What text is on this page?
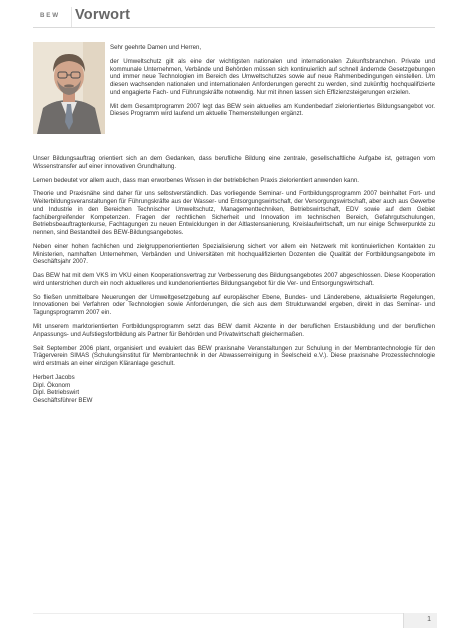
BEW Vorwort

Sehr geehrte Damen und Herren,

der Umweltschutz gilt als eine der wichtigsten nationalen und internationalen Zukunftsbranchen. Private und kommunale Unternehmen, Verbände und Behörden müssen sich kontinuierlich auf schnell ändernde Gesetzgebungen und immer neue Technologien im Bereich des Umweltschutzes sowie auf neue Rahmenbedingungen einstellen. Um diesen wachsenden nationalen und internationalen Anforderungen gerecht zu werden, sind zukünftig hochqualifizierte und engagierte Fach- und Führungskräfte notwendig. Nur mit ihnen lassen sich Effizienzsteigerungen erzielen.

Mit dem Gesamtprogramm 2007 legt das BEW sein aktuelles am Kundenbedarf zielorientiertes Bildungsangebot vor. Dieses Programm wird laufend um aktuelle Themenstellungen ergänzt.

Unser Bildungsauftrag orientiert sich an dem Gedanken, dass berufliche Bildung eine zentrale, gesellschaftliche Aufgabe ist, getragen vom Wissenstransfer auf einer innovativen Grundhaltung.

Lernen bedeutet vor allem auch, dass man erworbenes Wissen in der betrieblichen Praxis zielorientiert anwenden kann.

Theorie und Praxisnähe sind daher für uns selbstverständlich. Das vorliegende Seminar- und Fortbildungsprogramm 2007 beinhaltet Fort- und Weiterbildungsveranstaltungen für Führungskräfte aus der Wasser- und Entsorgungswirtschaft, der Versorgungswirtschaft, aber auch aus Gewerbe und Industrie in den Bereichen Technischer Umweltschutz, Managementtechniken, Betriebswirtschaft, EDV sowie auf dem Gebiet fachübergreifender Kompetenzen. Fragen der rechtlichen Sicherheit und Innovation im technischen Bereich, Gefahrgutschulungen, Betriebsbeauftragtenkurse, Fachtagungen zu neuen Entwicklungen in der Altlastensanierung, Kreislaufwirtschaft, um nur einige Schwerpunkte zu nennen, sind Bestandteil des BEW-Bildungsangebotes.

Neben einer hohen fachlichen und zielgruppenorientierten Spezialisierung sichert vor allem ein Netzwerk mit kontinuierlichen Kontakten zu Ministerien, namhaften Unternehmen, Verbänden und Universitäten mit hochqualifizierten Dozenten die Qualität der Fortbildungsangebote im Geschäftsjahr 2007.

Das BEW hat mit dem VKS im VKU einen Kooperationsvertrag zur Verbesserung des Bildungsangebotes 2007 abgeschlossen. Diese Kooperation wird unterstrichen durch ein noch aktuelleres und kundenorientiertes Bildungsangebot für die Ver- und Entsorgungswirtschaft.

So fließen unmittelbare Neuerungen der Umweltgesetzgebung auf europäischer Ebene, Bundes- und Länderebene, aktualisierte Regelungen, Innovationen bei Verfahren oder Technologien sowie Anforderungen, die sich aus dem Strukturwandel ergeben, direkt in das Seminar- und Tagungsprogramm 2007 ein.

Mit unserem marktorientierten Fortbildungsprogramm setzt das BEW damit Akzente in der beruflichen Erstausbildung und der beruflichen Anpassungs- und Aufstiegsfortbildung als Partner für Behörden und Privatwirtschaft gleichermaßen.

Seit September 2006 plant, organisiert und evaluiert das BEW praxisnahe Veranstaltungen zur Schulung in der Membrantechnologie für den Trägerverein SIMAS (Schulungsinstitut für Membrantechnik in der Abwasserreinigung in Seelscheid e.V.). Diese praxisnahe Prozesstechnologie wird erstmals an einer einzigen Kläranlage geschult.

Herbert Jacobs

Dipl. Ökonom

Dipl. Betriebswirt

Geschäftsführer BEW

1
